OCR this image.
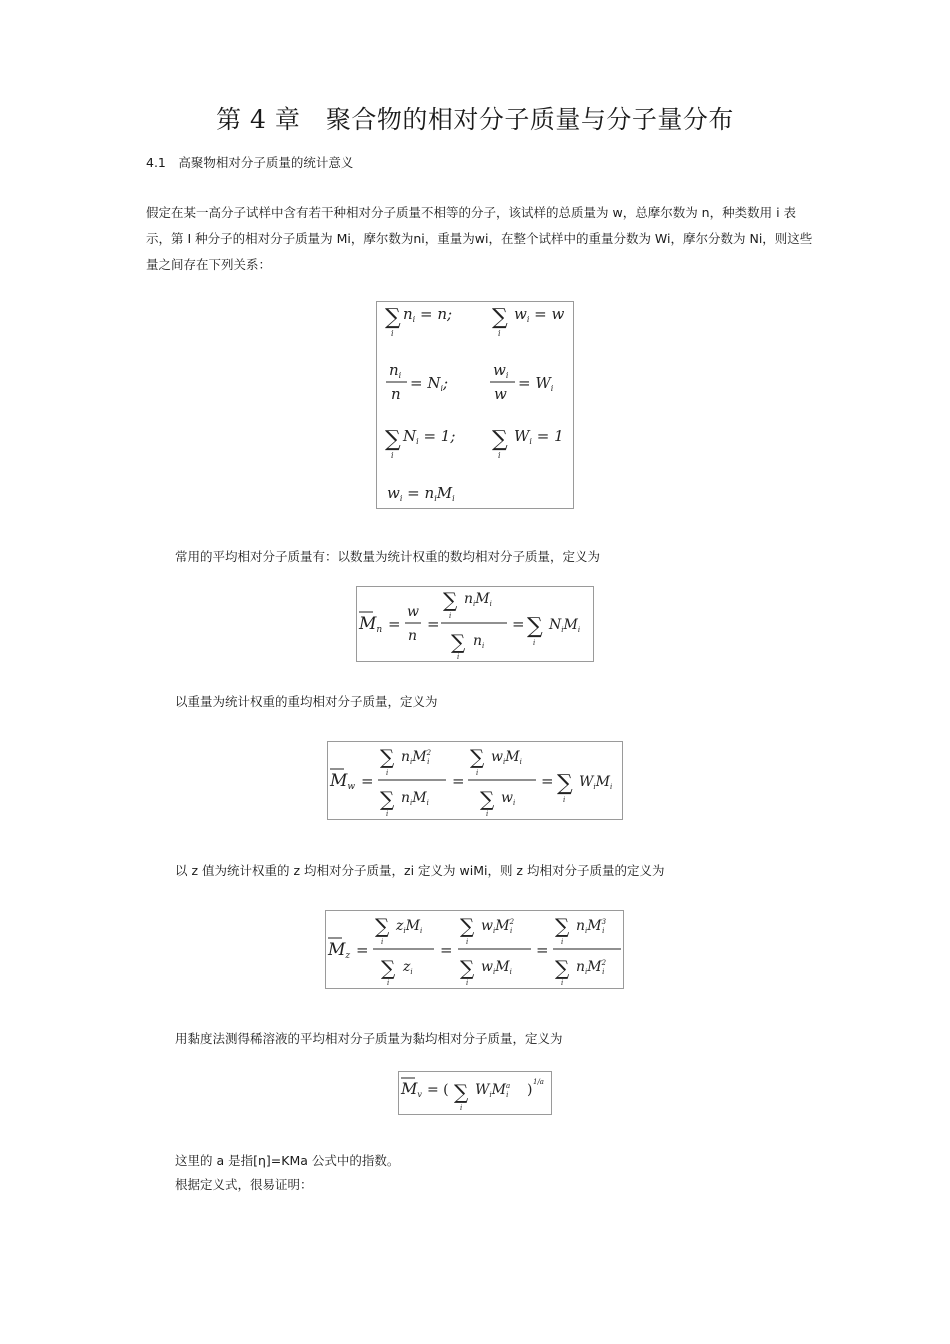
第 4 章　聚合物的相对分子质量与分子量分布
4.1　高聚物相对分子质量的统计意义
假定在某一高分子试样中含有若干种相对分子质量不相等的分子，该试样的总质量为 w，总摩尔数为 n，种类数用 i 表示，第 I 种分子的相对分子质量为 Mi，摩尔数为ni，重量为wi，在整个试样中的重量分数为 Wi，摩尔分数为 Ni，则这些量之间存在下列关系：
∑
i
$n_i = n$; ∑
i
$w_i = w$
$n_i$
n
= $N_i$;
$w_i$
w
= $W_i$
∑
i
$N_i = 1$; ∑
i
$W_i = 1$
$w_i = n_iM_i$
常用的平均相对分子质量有：以数量为统计权重的数均相对分子质量，定义为
Mn =
w
n
=
∑
i
$n_iM_i$
∑
i
$n_i$
= ∑
i
$N_iM_i$
以重量为统计权重的重均相对分子质量，定义为
Mw =
∑
i
$n_iM^2$ i
∑
i
$n_iM_i$
=
∑
i
$w_iM_i$
∑
i
$w_i$
= ∑
i
$W_iM_i$
以 z 值为统计权重的 z 均相对分子质量，zi 定义为 wiMi，则 z 均相对分子质量的定义为
Mz =
∑
i
$z_iM_i$
∑
i
$z_i$
=
∑
i
$w_iM^2$ i
∑
i
$w_iM_i$
=
∑
i
$n_iM^3$ i
∑
i
$n_iM^2$ i
用黏度法测得稀溶液的平均相对分子质量为黏均相对分子质量，定义为
Mv = ( ∑
i
$W_iM^a$ i ) 1/a
这里的 a 是指[η]=KMa 公式中的指数。
根据定义式，很易证明：
